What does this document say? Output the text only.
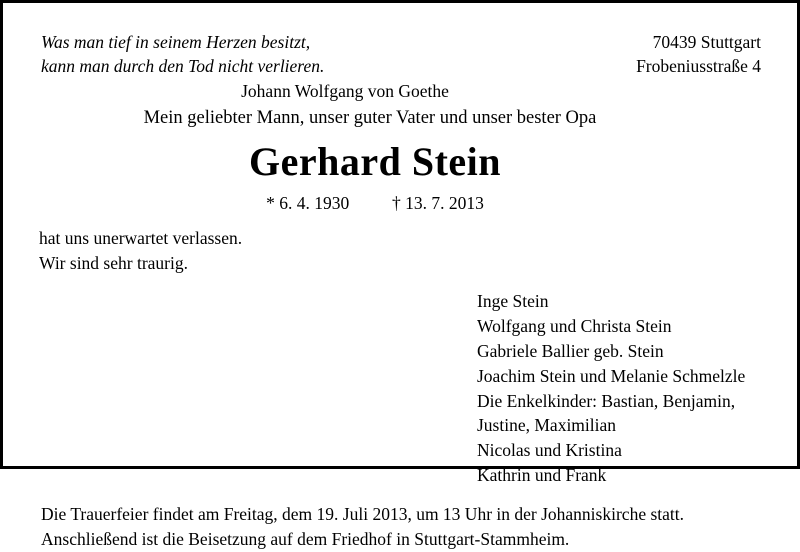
Was man tief in seinem Herzen besitzt,
kann man durch den Tod nicht verlieren.
70439 Stuttgart
Frobeniusstraße 4
Johann Wolfgang von Goethe
Mein geliebter Mann, unser guter Vater und unser bester Opa
Gerhard Stein
* 6. 4. 1930 † 13. 7. 2013
hat uns unerwartet verlassen.
Wir sind sehr traurig.
Inge Stein
Wolfgang und Christa Stein
Gabriele Ballier geb. Stein
Joachim Stein und Melanie Schmelzle
Die Enkelkinder: Bastian, Benjamin,
Justine, Maximilian
Nicolas und Kristina
Kathrin und Frank
Die Trauerfeier findet am Freitag, dem 19. Juli 2013, um 13 Uhr in der Johanniskirche statt.
Anschließend ist die Beisetzung auf dem Friedhof in Stuttgart-Stammheim.
